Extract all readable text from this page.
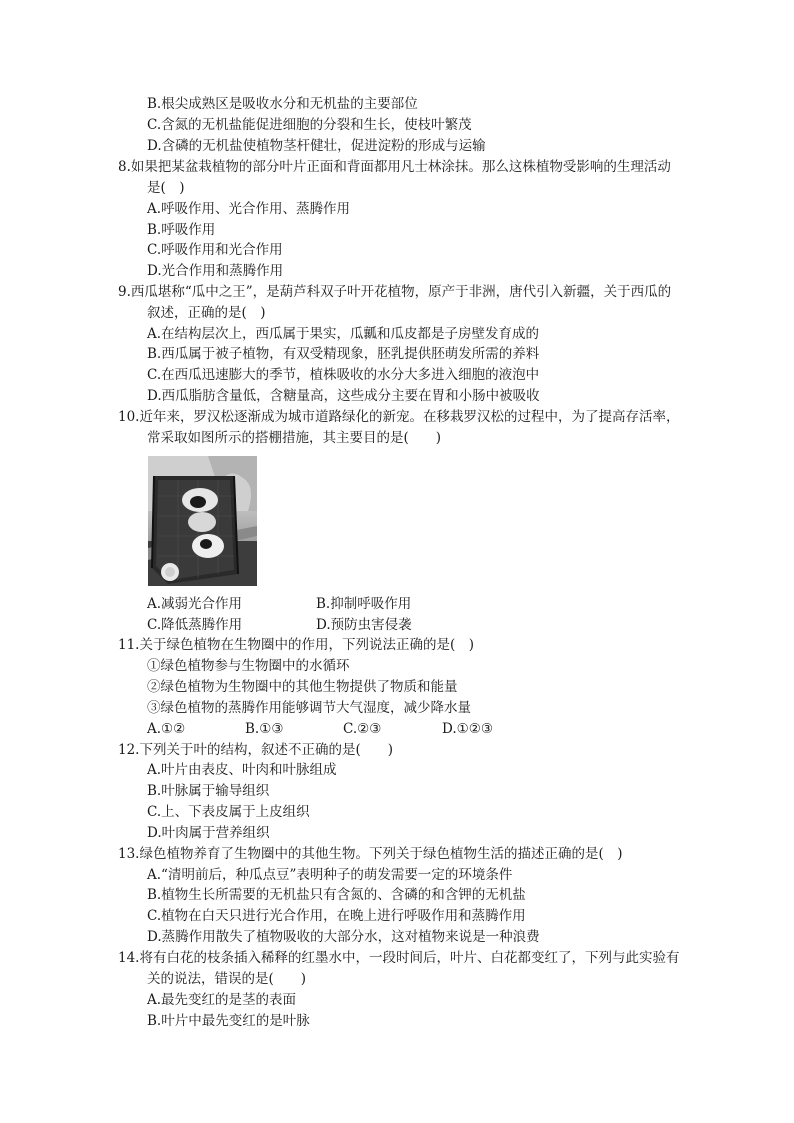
B.根尖成熟区是吸收水分和无机盐的主要部位
C.含氮的无机盐能促进细胞的分裂和生长，使枝叶繁茂
D.含磷的无机盐使植物茎杆健壮，促进淀粉的形成与运输
8.如果把某盆栽植物的部分叶片正面和背面都用凡士林涂抹。那么这株植物受影响的生理活动
是(　)
A.呼吸作用、光合作用、蒸腾作用
B.呼吸作用
C.呼吸作用和光合作用
D.光合作用和蒸腾作用
9.西瓜堪称“瓜中之王”，是葫芦科双子叶开花植物，原产于非洲，唐代引入新疆，关于西瓜的
叙述，正确的是(　)
A.在结构层次上，西瓜属于果实，瓜瓤和瓜皮都是子房壁发育成的
B.西瓜属于被子植物，有双受精现象，胚乳提供胚萌发所需的养料
C.在西瓜迅速膨大的季节，植株吸收的水分大多进入细胞的液泡中
D.西瓜脂肪含量低，含糖量高，这些成分主要在胃和小肠中被吸收
10.近年来，罗汉松逐渐成为城市道路绿化的新宠。在移栽罗汉松的过程中，为了提高存活率，
常采取如图所示的搭棚措施，其主要目的是(　　)
A.减弱光合作用	B.抑制呼吸作用
C.降低蒸腾作用	D.预防虫害侵袭
11.关于绿色植物在生物圈中的作用，下列说法正确的是(　)
①绿色植物参与生物圈中的水循环
②绿色植物为生物圈中的其他生物提供了物质和能量
③绿色植物的蒸腾作用能够调节大气湿度，减少降水量
A.①②	B.①③	C.②③	D.①②③
12.下列关于叶的结构，叙述不正确的是(　　)
A.叶片由表皮、叶肉和叶脉组成
B.叶脉属于输导组织
C.上、下表皮属于上皮组织
D.叶肉属于营养组织
13.绿色植物养育了生物圈中的其他生物。下列关于绿色植物生活的描述正确的是(　)
A.“清明前后，种瓜点豆”表明种子的萌发需要一定的环境条件
B.植物生长所需要的无机盐只有含氮的、含磷的和含钾的无机盐
C.植物在白天只进行光合作用，在晚上进行呼吸作用和蒸腾作用
D.蒸腾作用散失了植物吸收的大部分水，这对植物来说是一种浪费
14.将有白花的枝条插入稀释的红墨水中，一段时间后，叶片、白花都变红了，下列与此实验有
关的说法，错误的是(　　)
A.最先变红的是茎的表面
B.叶片中最先变红的是叶脉
